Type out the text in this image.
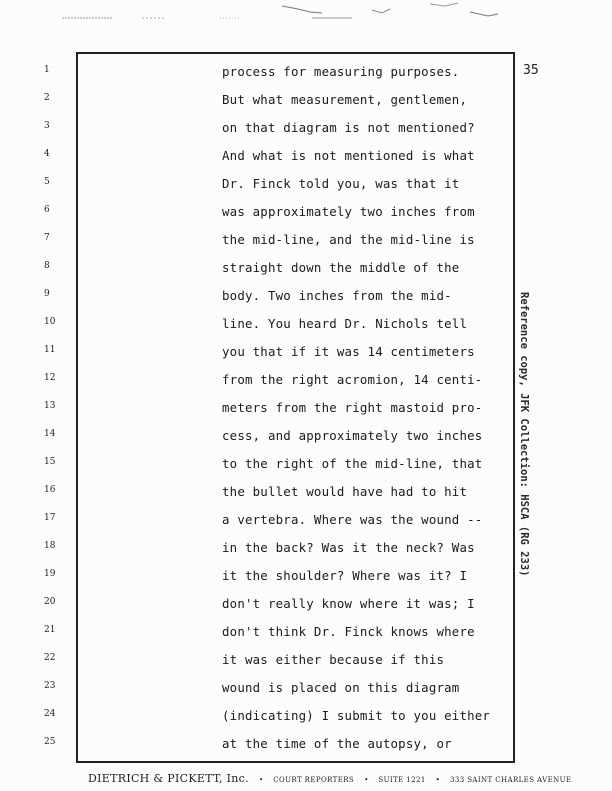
35
1	process for measuring purposes.
2	But what measurement, gentlemen,
3	on that diagram is not mentioned?
4	And what is not mentioned is what
5	Dr. Finck told you, was that it
6	was approximately two inches from
7	the mid-line, and the mid-line is
8	straight down the middle of the
9	body. Two inches from the mid-
10	line. You heard Dr. Nichols tell
11	you that if it was 14 centimeters
12	from the right acromion, 14 centi-
13	meters from the right mastoid pro-
14	cess, and approximately two inches
15	to the right of the mid-line, that
16	the bullet would have had to hit
17	a vertebra. Where was the wound --
18	in the back? Was it the neck? Was
19	it the shoulder? Where was it? I
20	don't really know where it was; I
21	don't think Dr. Finck knows where
22	it was either because if this
23	wound is placed on this diagram
24	(indicating) I submit to you either
25	at the time of the autopsy, or
Reference copy, JFK Collection: HSCA (RG 233)
DIETRICH & PICKETT, Inc. • COURT REPORTERS • SUITE 1221 • 333 SAINT CHARLES AVENUE
